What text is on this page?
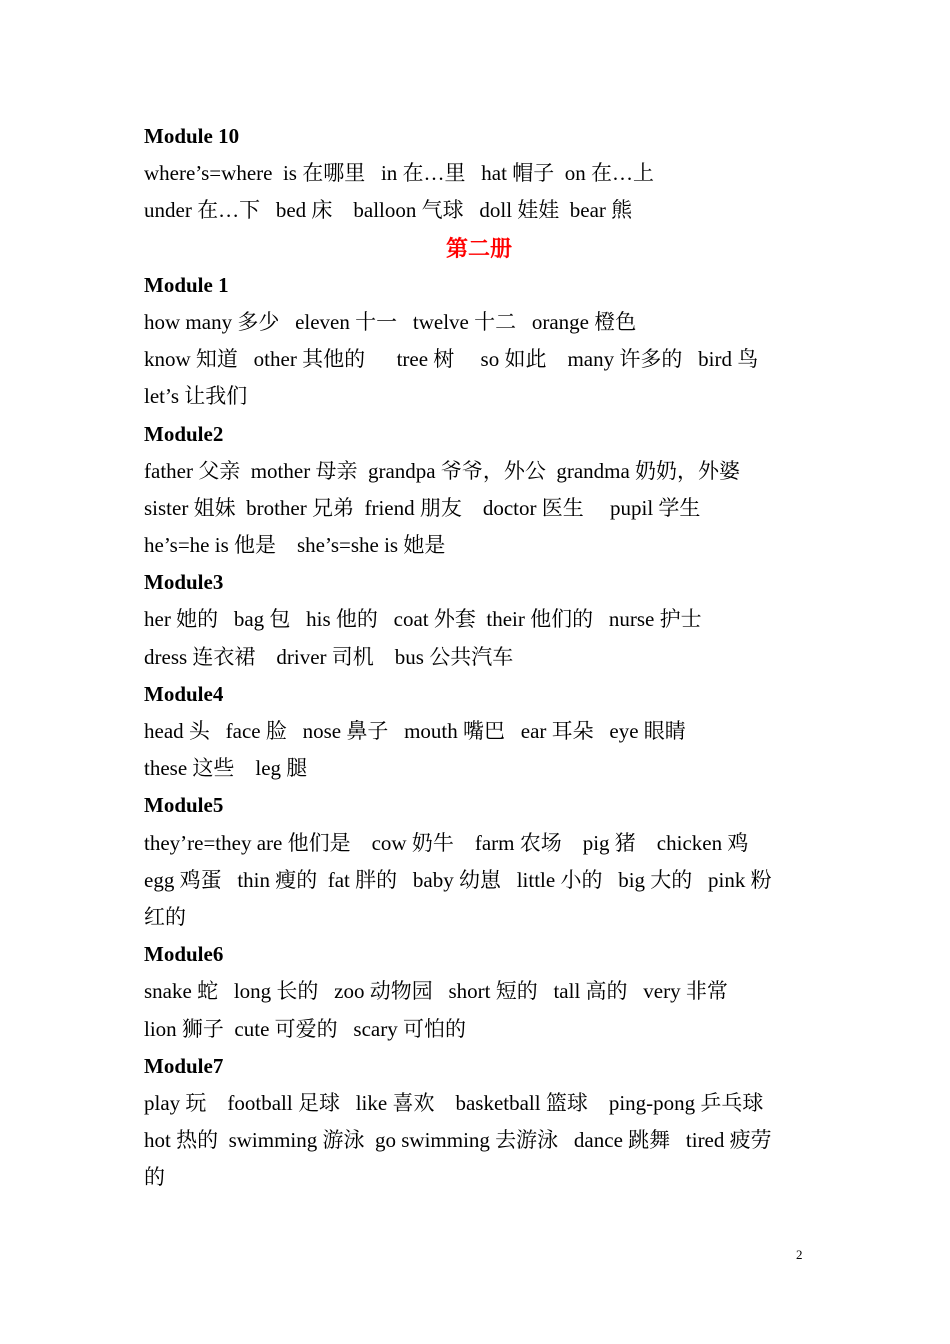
Module 10
where’s=where  is 在哪里   in 在…里   hat 帽子  on 在…上
under 在…下   bed 床    balloon 气球   doll 娃娃  bear 熊
第二册
Module 1
how many 多少   eleven 十一   twelve 十二   orange 橙色
know 知道   other 其他的      tree 树     so 如此    many 许多的   bird 鸟
let’s 让我们
Module2
father 父亲  mother 母亲  grandpa 爷爷，外公  grandma 奶奶，外婆
sister 姐妹  brother 兄弟  friend 朋友    doctor 医生     pupil 学生
he’s=he is 他是    she’s=she is 她是
Module3
her 她的   bag 包   his 他的   coat 外套  their 他们的   nurse 护士
dress 连衣裙    driver 司机    bus 公共汽车
Module4
head 头   face 脸   nose 鼻子   mouth 嘴巴   ear 耳朵   eye 眼睛
these 这些    leg 腿
Module5
they’re=they are 他们是    cow 奶牛    farm 农场    pig 猪    chicken 鸡
egg 鸡蛋   thin 瘦的  fat 胖的   baby 幼崽   little 小的   big 大的   pink 粉
红的
Module6
snake 蛇   long 长的   zoo 动物园   short 短的   tall 高的   very 非常
lion 狮子  cute 可爱的   scary 可怕的
Module7
play 玩    football 足球   like 喜欢    basketball 篮球    ping-pong 乒乓球
hot 热的  swimming 游泳  go swimming 去游泳   dance 跳舞   tired 疲劳
的
2
